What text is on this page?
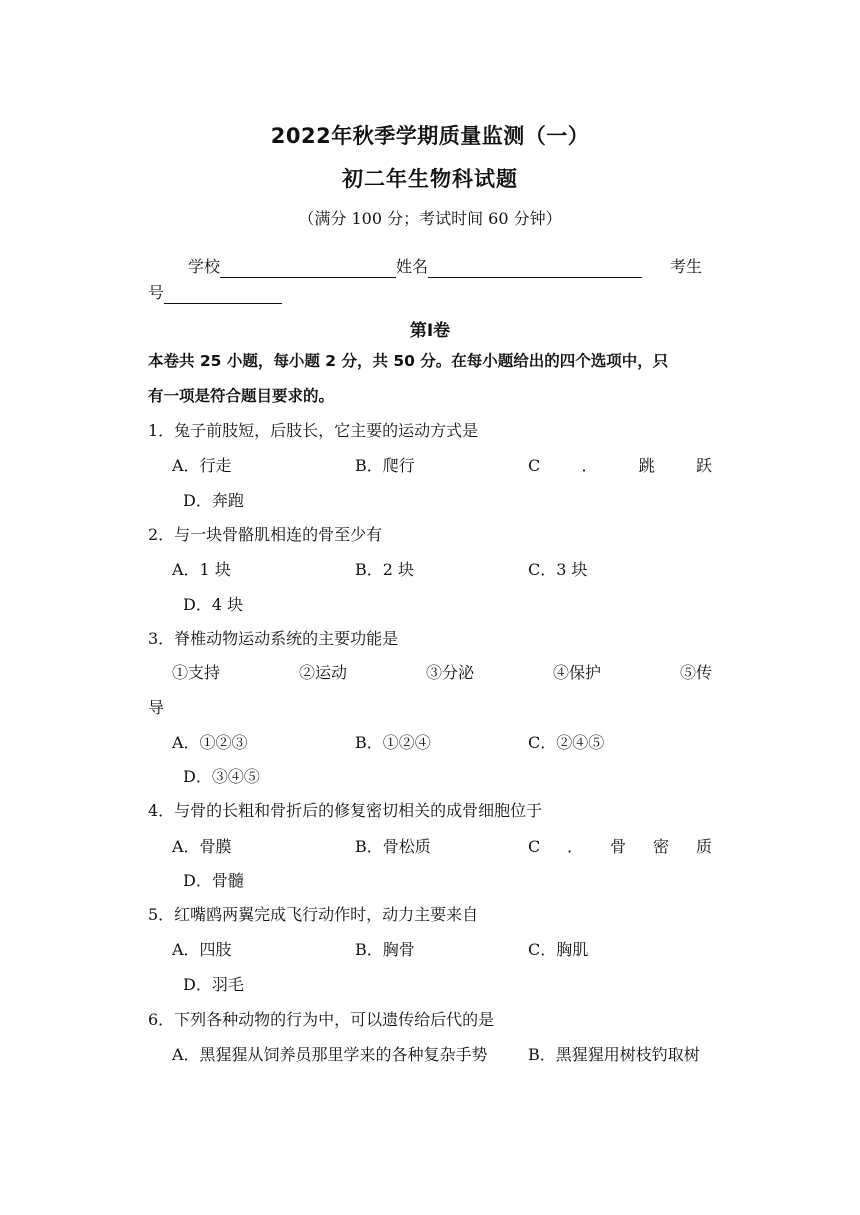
2022年秋季学期质量监测（一）
初二年生物科试题
（满分 100 分；考试时间 60 分钟）
学校	姓名	考生
号
第Ⅰ卷
本卷共 25 小题，每小题 2 分，共 50 分。在每小题给出的四个选项中，只
有一项是符合题目要求的。
1．兔子前肢短，后肢长，它主要的运动方式是
A．行走	B．爬行	C	．	跳	跃
D．奔跑
2．与一块骨骼肌相连的骨至少有
A．1 块	B．2 块	C．3 块
D．4 块
3．脊椎动物运动系统的主要功能是
①支持	②运动	③分泌	④保护	⑤传
导
A．①②③	B．①②④	C．②④⑤
D．③④⑤
4．与骨的长粗和骨折后的修复密切相关的成骨细胞位于
A．骨膜	B．骨松质	C ． 骨 密 质
D．骨髓
5．红嘴鸥两翼完成飞行动作时，动力主要来自
A．四肢	B．胸骨	C．胸肌
D．羽毛
6．下列各种动物的行为中，可以遗传给后代的是
A．黑猩猩从饲养员那里学来的各种复杂手势	B．黑猩猩用树枝钓取树
